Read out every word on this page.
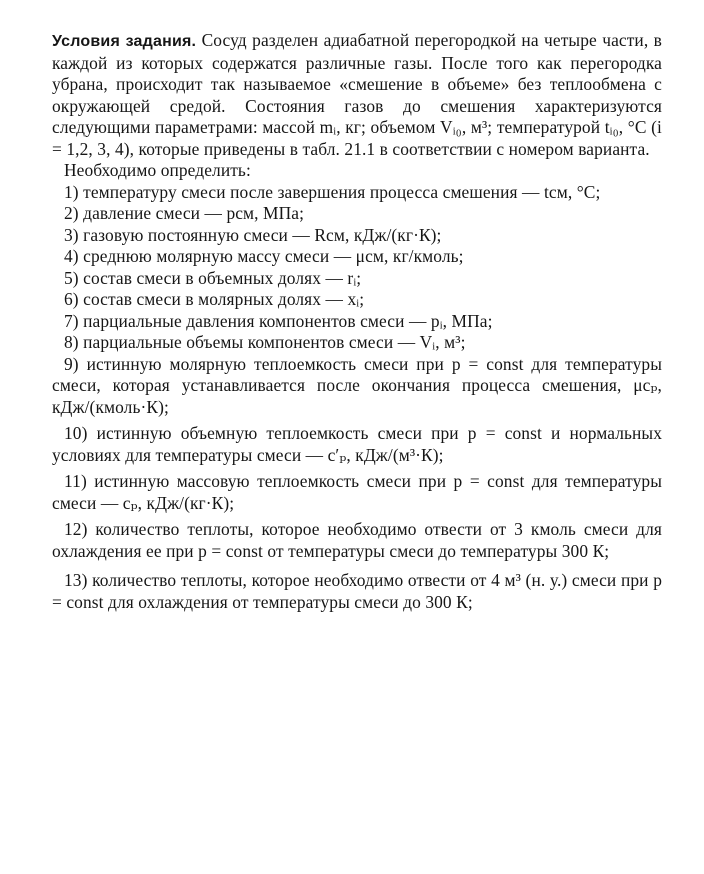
Условия задания. Сосуд разделен адиабатной перегородкой на четыре части, в каждой из которых содержатся различные газы. После того как перегородка убрана, происходит так называемое «смешение в объеме» без теплообмена с окружающей средой. Состояния газов до смешения характеризуются следующими параметрами: массой mᵢ, кг; объемом Vᵢ₀, м³; температурой tᵢ₀, °С (i = 1,2, 3, 4), которые приведены в табл. 21.1 в соответствии с номером варианта.

Необходимо определить:

1) температуру смеси после завершения процесса смешения — tсм, °С;

2) давление смеси — pсм, МПа;

3) газовую постоянную смеси — Rсм, кДж/(кг·К);

4) среднюю молярную массу смеси — μсм, кг/кмоль;

5) состав смеси в объемных долях — rᵢ;

6) состав смеси в молярных долях — xᵢ;

7) парциальные давления компонентов смеси — pᵢ, МПа;

8) парциальные объемы компонентов смеси — Vᵢ, м³;

9) истинную молярную теплоемкость смеси при p = const для температуры смеси, которая устанавливается после окончания процесса смешения, μcₚ, кДж/(кмоль·К);

10) истинную объемную теплоемкость смеси при p = const и нормальных условиях для температуры смеси — c′ₚ, кДж/(м³·К);

11) истинную массовую теплоемкость смеси при p = const для температуры смеси — cₚ, кДж/(кг·К);

12) количество теплоты, которое необходимо отвести от 3 кмоль смеси для охлаждения ее при p = const от температуры смеси до температуры 300 К;

13) количество теплоты, которое необходимо отвести от 4 м³ (н. у.) смеси при p = const для охлаждения от температуры смеси до 300 К;
